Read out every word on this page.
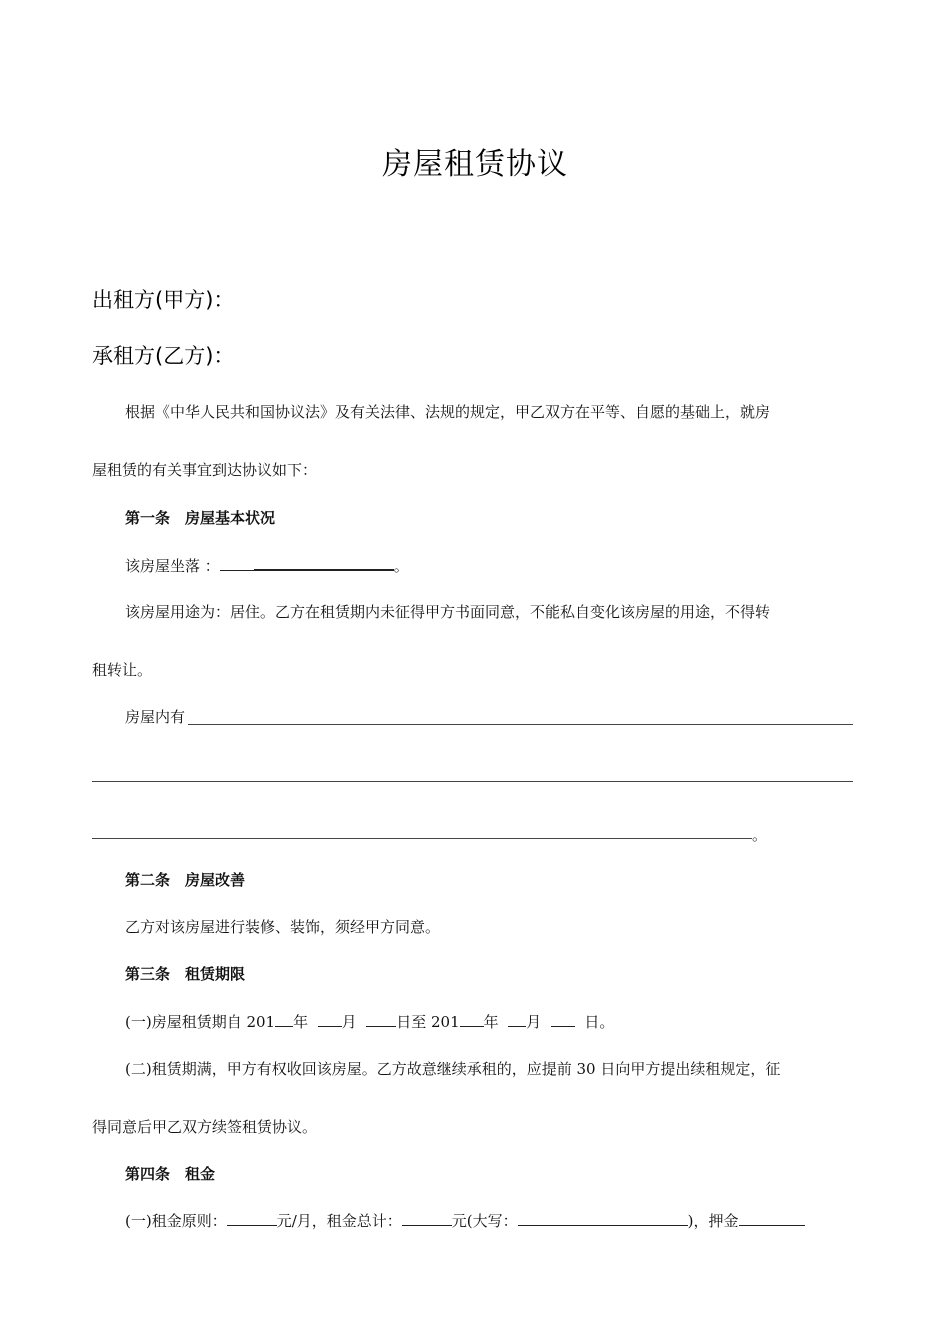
房屋租赁协议
出租方(甲方)：
承租方(乙方)：
根据《中华人民共和国协议法》及有关法律、法规的规定，甲乙双方在平等、自愿的基础上，就房
屋租赁的有关事宜到达协议如下：
第一条　房屋基本状况
该房屋坐落 ：	。
该房屋用途为：居住。乙方在租赁期内未征得甲方书面同意，不能私自变化该房屋的用途，不得转
租转让。
房屋内有
。
第二条　房屋改善
乙方对该房屋进行装修、装饰，须经甲方同意。
第三条　租赁期限
(一)房屋租赁期自 201 年 月	日至 201 年 月	日。
(二)租赁期满，甲方有权收回该房屋。乙方故意继续承租的，应提前 30 日向甲方提出续租规定，征
得同意后甲乙双方续签租赁协议。
第四条　租金
(一)租金原则：	元/月，租金总计：	元(大写：	)，押金
